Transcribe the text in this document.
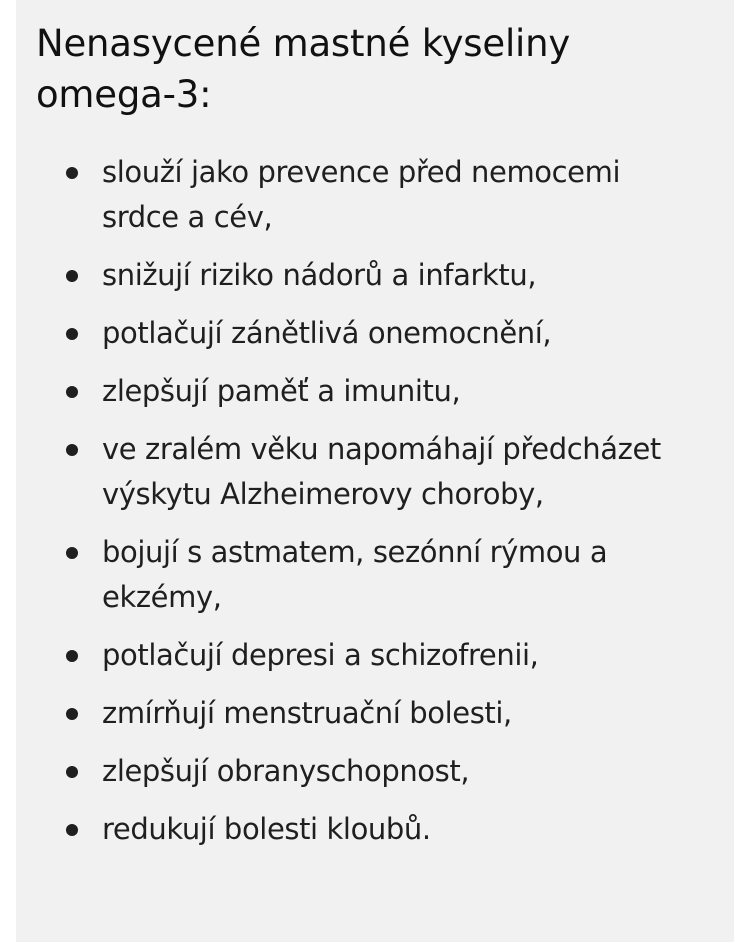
Nenasycené mastné kyseliny
omega-3:
slouží jako prevence před nemocemi srdce a cév,
snižují riziko nádorů a infarktu,
potlačují zánětlivá onemocnění,
zlepšují paměť a imunitu,
ve zralém věku napomáhají předcházet výskytu Alzheimerovy choroby,
bojují s astmatem, sezónní rýmou a ekzémy,
potlačují depresi a schizofrenii,
zmírňují menstruační bolesti,
zlepšují obranyschopnost,
redukují bolesti kloubů.
